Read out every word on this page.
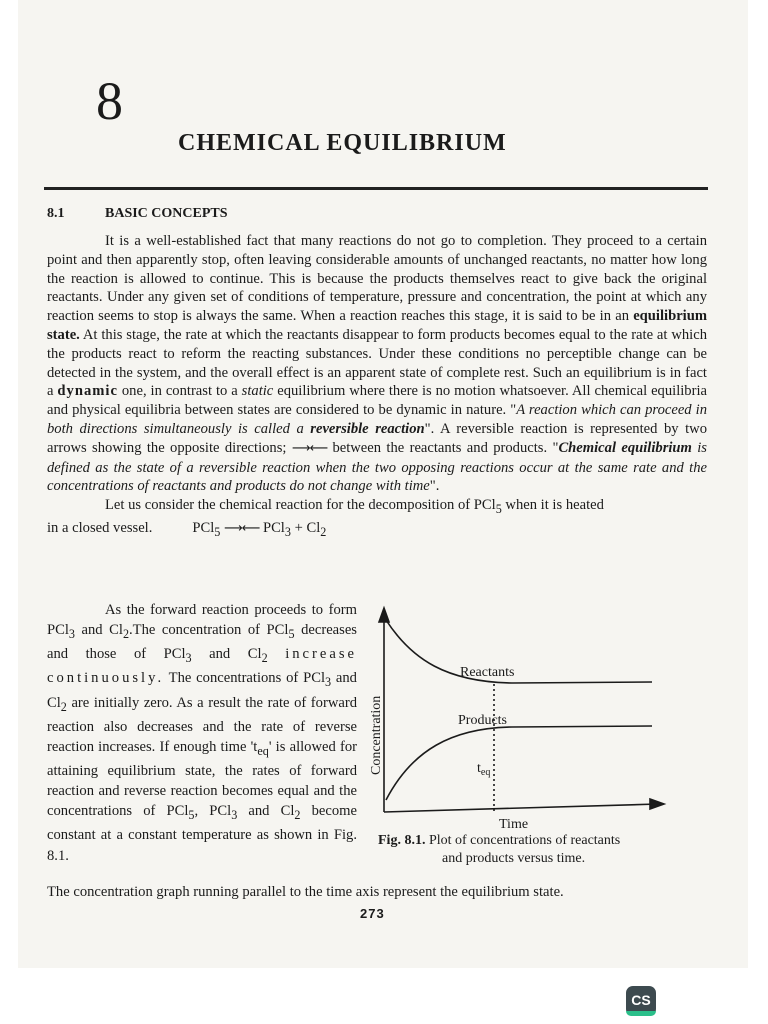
8
CHEMICAL EQUILIBRIUM
8.1	BASIC CONCEPTS

It is a well-established fact that many reactions do not go to completion. They proceed to a certain point and then apparently stop, often leaving considerable amounts of unchanged reactants, no matter how long the reaction is allowed to continue. This is because the products themselves react to give back the original reactants. Under any given set of conditions of temperature, pressure and concentration, the point at which any reaction seems to stop is always the same. When a reaction reaches this stage, it is said to be in an equilibrium state. At this stage, the rate at which the reactants disappear to form products becomes equal to the rate at which the products react to reform the reacting substances. Under these conditions no perceptible change can be detected in the system, and the overall effect is an apparent state of complete rest. Such an equilibrium is in fact a dynamic one, in contrast to a static equilibrium where there is no motion whatsoever. All chemical equilibria and physical equilibria between states are considered to be dynamic in nature. "A reaction which can proceed in both directions simultaneously is called a reversible reaction". A reversible reaction is represented by two arrows showing the opposite directions; ⟶⟵ between the reactants and products. "Chemical equilibrium is defined as the state of a reversible reaction when the two opposing reactions occur at the same rate and the concentrations of reactants and products do not change with time".

Let us consider the chemical reaction for the decomposition of PCl$_5$ when it is heated

in a closed vessel.	PCl$_5$ ⟶⟵ $PCl_3 + Cl_2$

As the forward reaction proceeds to form PCl$_3$ and $Cl_2.The$ concentration of PCl$_5$ decreases and those of PCl$_3$ and $Cl_2$ increase continuously. The concentrations of PCl$_3$ and $Cl_2$ are initially zero. As a result the rate of forward reaction also decreases and the rate of reverse reaction increases. If enough time '$t_{eq}$' is allowed for attaining equilibrium state, the rates of forward reaction and reverse reaction becomes equal and the concentrations of PCl$_5$, PCl$_3$ and $Cl_2$ become constant at a constant temperature as shown in Fig. 8.1.

Concentration
Reactants
Products
$t_{eq}$
Time
Fig. 8.1. Plot of concentrations of reactants
and products versus time.
The concentration graph running parallel to the time axis represent the equilibrium state.
273
CS
